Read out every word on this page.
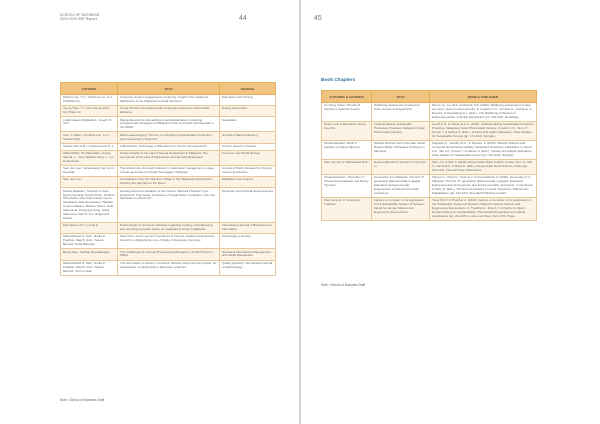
SCHOOL OF BUSINESS
2019-2020 SBF Report	44
AUTHORS	TITLE	JOURNAL
Patricia Lay, Y.Y.¹, Christina Lee, K.C., Chia/Kah Hu	University student engagement in learning: Insights from academic faithfulness in the Malaysian tropical rainforest	Education and Training
Yeong Thao, T.¹, Chin Hoong, B.P.¹, Ooi Thiam Hi	Crude Oil Price Uncertainty and Corporate Investment: New Global Evidence	Energy Economics
I Hadi Haswin Bahtiadini¹, Joseph N. Goh	Marginalia and the dismantling of deinstitutionalism: Fostering empowerment strategies of Malaysian trans-nu female homosexuals in the 2000s	Sexualities
Sum J. Lillian¹, Christina Lee, K.C.¹, Sandeli Flek¹	Macro-deleveraging: The Key to Unlocking Unsustainable Production and Consumption Systems?	Journal of Macromarketing
Shiaow Van G.M.¹, Andrew Kenis D. J.	Is Blockchain Technology a Watershed for Tourism Development?	Current Issues in Tourism
Abdel Malik¹, Sri Rajamalai¹, Audrey Siambi, L., Jane Tidahine Sing, L., Lor Duniuomoh¹	A New Chapter in the Law of Sexual Harassment in Malaysia: The emergence of the torts of harassment and Sexual Harassment	Common Law World Review
Sam Joo Lee¹, Vaneswaran Nai, Armin Hamzah¹	The critical role of a local institution in destination management: a case of dual governance in Kuala Terengganu, Malaysia	Journal of Policy Research in Tourism, Leisure and Events
Sam Joo Lee¹	Constellation Over the Wrennum Wage in the Malaysian Hotel Sector: Spotting the Elephant in the Room	Malaysian Law Journal
Mostai Waikeler¹, Tacubeu A. Kato, Ryoko Kamada, Hiroshi Kubo, Norihiro Shinohawa, Miyo Kato Kawai, Kenro Hayakawa, Rebuka Kuwano, Wakako Umeno-Nakano, Masaru Tateno, Seiki Sakuyama, Dongmyei Kang, Shinji Sakamoto, Alan R. Teo, Shigenobu Kanba	Development and validation of the 20-item Tasmani's Modern Type Depression Trait Scale: Avoidance of Social Roles, Complaint, and Low Self-Esteem (TACS-22)	Psychiatry and Clinical Neurosciences
Paul Hsiao H.P.¹, Lua W.H.	Determinants of consumer behavior regarding trusting, recordkeeping, and recycling computer waste: An explanatory study in Malaysia	International Journal of Business and Information
Maheshbrand S. Nair¹, Rudra P. Pradhan, Mak B. Arvin, Sara E. Bennett, Neha Bahmani	Short-Term and Long-Term Dynamics of Venture Capital and Economic Growth in a Digital Economy: A Study of European Countries	Technology in Society
Binan Alay¹, Seriban Boyrakbaoglu	The Challenges for Female Professional Managers in Turkish Women SMOs	Journal of International Management and Social Researches
Maheshbrand S. Nair¹, Rudra P. Pradhan, Mak B. Arvin, Sara E. Bennett, John H. Hall	The information revolution, innovation diffusion and economic growth: an examination of causal links in European countries	Quality Quantity: International Journal of Methodology
Note: ¹School of Business Staff
45
Book Chapters
AUTHOR/S & AUTHORS	TITLE	BOOK & PUBLISHER
Au Yieng Chan¹, Phoebe R. Garrett¹ & Gabriela Kovern	Wellbeing assessment of past and pucs: women and legal work	Munro, G., Au, W.K. & Mitchell, P.R. (2020). Wellbeing assessment of past and pucs: women entrepreneurs. In Leyantz, K.C., Azurriel, K., Gavriene, J., Royal K. & Kandelberg E.L. (Eds.), The Wellbeing of Women in Entrepreneurship: A Global Perspective (pp. 323-344). Routledge.
Siram Low¹ & Stephanie Chang Kay Am¹	Institutionalising Sustainable Production Practices: Malaysia's Solar Photovoltaic Industry	Low B.K.H. & Cheah, E.A.S. (2020). Institutionalising Sustainable Production Practices: Malaysia's Solar Photovoltaic Industry. In Hanif, L.N., Tan L.P., Grover Y. & Haines S. (Eds.), Industry and Higher Education: Case Studies for Sustainable Futures (pp. 171-194). Springer.
Sevika-Itaradan, Manil S. Gandhy¹ & Fatma Tilpoore¹	Wasant Workers and Corporate Social Responsibility: Workplace Practices in Mauritius	Salgadar S., Gandhy M.S., & Tilpoore, F. (2020). Wasant Workers and Corporate Social Responsibility: Workplace Practices in Mauritius. In Wood L.R., Tan L.P., Grover Y. & Haines S. (Eds.), Industry and Higher Education: Case Studies for Sustainable Futures (pp. 251-220). Springer.
Sam Joo lee¹ & Marissawati Nair¹	Responsible Rural Tourism in Asia (Vol. 1)	Sam J.G. & Nair V. (2020). Responsible Rural Tourism in Asia, (Vol. 1). Nair V., Hamzah A. & Musa G. (Eds.), Responsible Rural Tourism in Asia (pp. 106-213). Channel View Publications.
Ghasselanhinar¹, Khee Boe Y.¹, Vinoda Kumaraderan¹ and Rosiry Tijpoore¹	Generation Z in Malaysia: The first "Z" generation (Electronically engaged, Educated, Entrepreneurial, Empowered, and Environmentally conscious)	Tijpoore F., Khan G., Koen E.Y. & Kumaraderan V. (2020). Generation Z in Malaysia: The first "Z" generation (Electronically engaged, Educated, Entrepreneurial, Empowered, and Environmentally conscious). In Gentina E. & Parry E. (Eds.), The New Generation Z in Asia: Dynamics, Differences, Digitalisation (pp. 149-163). Emerald Publishing Limited.
Paul Yeow H. P.¹ & Andrew Thatcher	Factors to Consider in the Application of the Sustainable System of Systems Model for Human Factors and Ergonomics Interventions	Yeow P.H.P. & Thatcher A. (2019). Factors to Consider in the Application of the Sustainable System-of-Systems Model for Human Factors and Ergonomics Interventions. In Thatcher A., Zink K.J. & Fischer K. (Eds.), Human Factors for Sustainability: Theoretical Perspectives and Global Applications (pp. 211-225). London and New York: CRC Press.
Note: ¹School of Business Staff
